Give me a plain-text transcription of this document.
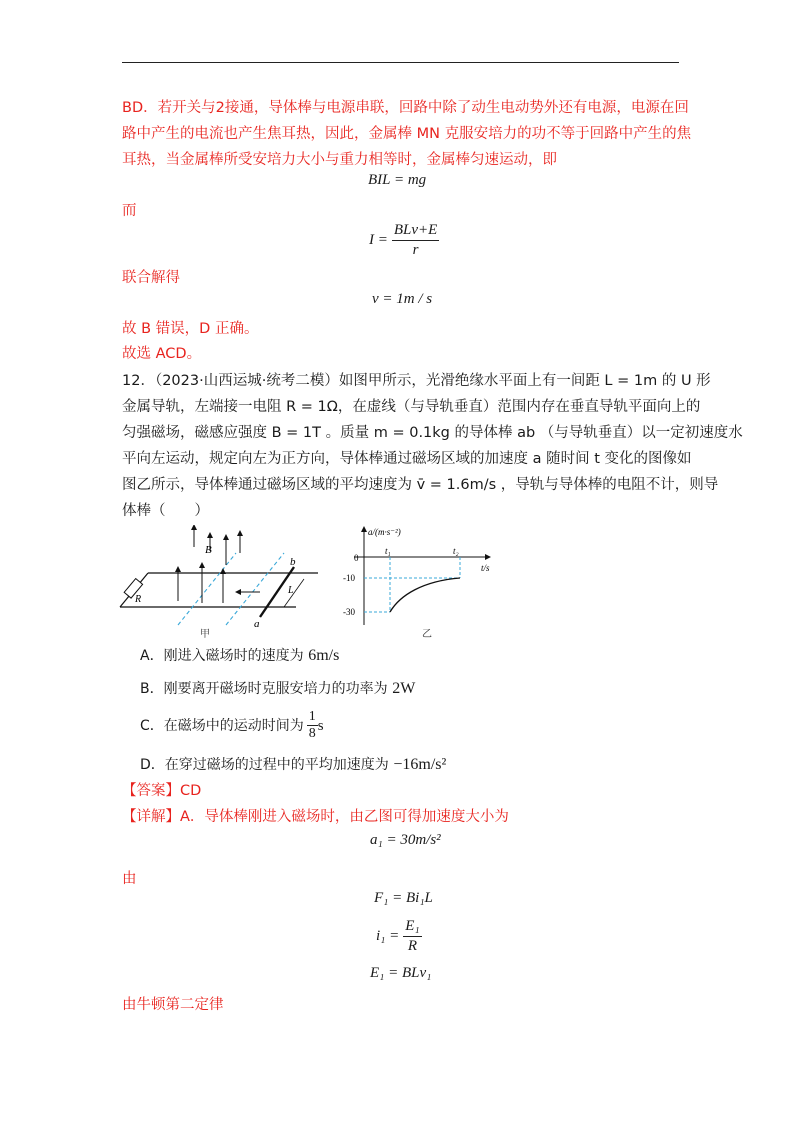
BD．若开关与2接通，导体棒与电源串联，回路中除了动生电动势外还有电源，电源在回
路中产生的电流也产生焦耳热，因此，金属棒 MN 克服安培力的功不等于回路中产生的焦
耳热，当金属棒所受安培力大小与重力相等时，金属棒匀速运动，即
BIL = mg
而
$I = \frac{\text{BLv+E}}{r}$
联合解得
v = 1m / s
故 B 错误，D 正确。
故选 ACD。
12．（2023·山西运城·统考二模）如图甲所示，光滑绝缘水平面上有一间距 L = 1m 的 U 形
金属导轨，左端接一电阻 R = 1Ω，在虚线（与导轨垂直）范围内存在垂直导轨平面向上的
匀强磁场，磁感应强度 B = 1T 。质量 m = 0.1kg 的导体棒 ab （与导轨垂直）以一定初速度水
平向左运动，规定向左为正方向，导体棒通过磁场区域的加速度 a 随时间 t 变化的图像如
图乙所示，导体棒通过磁场区域的平均速度为 v̄ = 1.6m/s ，导轨与导体棒的电阻不计，则导
体棒（　　）
R
B
b
a
L
甲
a/(m·s⁻²)
t/s
0
t₁	t₂
-10
-30
乙
A．刚进入磁场时的速度为 6m/s
B．刚要离开磁场时克服安培力的功率为 2W
C．在磁场中的运动时间为 $\frac{1}{8}$ s
D．在穿过磁场的过程中的平均加速度为 −16m/s²
【答案】CD
【详解】A．导体棒刚进入磁场时，由乙图可得加速度大小为
a₁ = 30m/s²
由
F₁ = Bi₁L
$i_1 = \frac{\text{E₁}}{R}$
E₁ = BLv₁
由牛顿第二定律
